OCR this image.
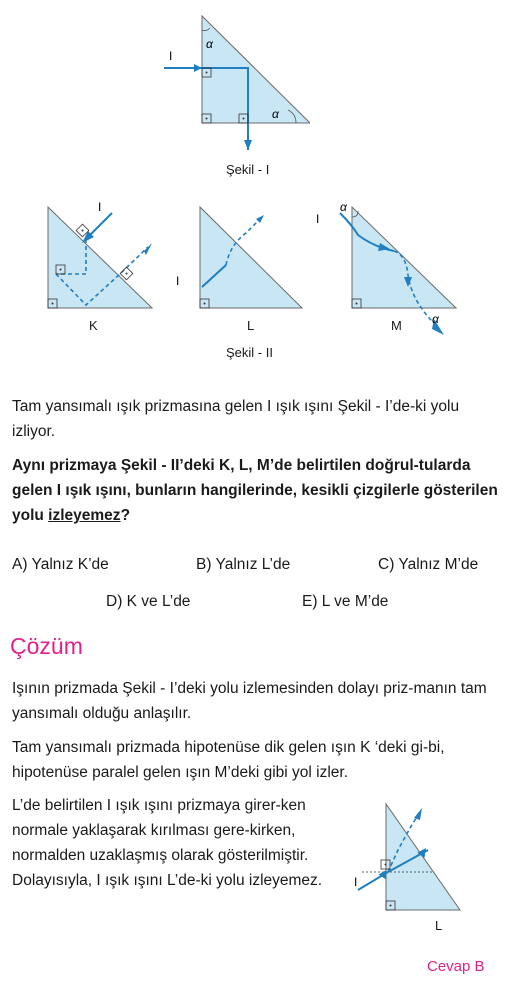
α
α
I
Şekil - I
I
I
α
α
I
K	L	M
Şekil - II

Tam yansımalı ışık prizmasına gelen I ışık ışını Şekil - I’de-ki yolu izliyor.

Aynı prizmaya Şekil - II’deki K, L, M’de belirtilen doğrul-tularda gelen I ışık ışını, bunların hangilerinde, kesikli çizgilerle gösterilen yolu izleyemez?

A) Yalnız K’de	B) Yalnız L’de	C) Yalnız M’de
D) K ve L’de	E) L ve M’de
Çözüm

Işının prizmada Şekil - I’deki yolu izlemesinden dolayı priz-manın tam yansımalı olduğu anlaşılır.

Tam yansımalı prizmada hipotenüse dik gelen ışın K ‘deki gi-bi, hipotenüse paralel gelen ışın M’deki gibi yol izler.

L’de belirtilen I ışık ışını prizmaya girer-ken normale yaklaşarak kırılması gere-kirken, normalden uzaklaşmış olarak gösterilmiştir. Dolayısıyla, I ışık ışını L’de-ki yolu izleyemez.	I
L
Cevap B
